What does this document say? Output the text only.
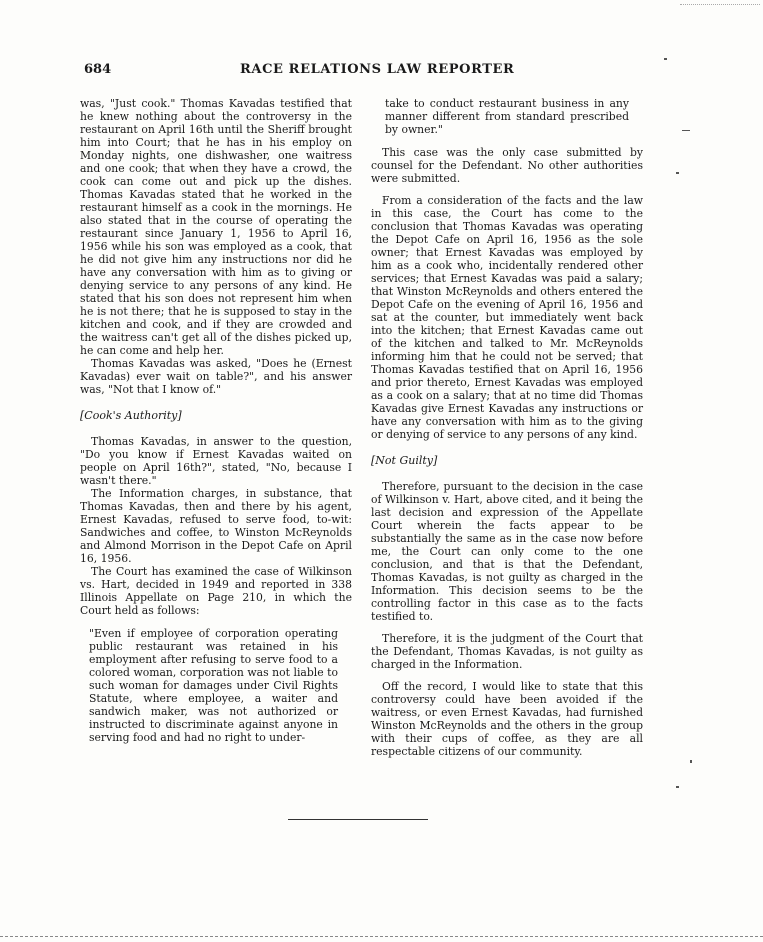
684	RACE RELATIONS LAW REPORTER

was, "Just cook." Thomas Kavadas testified that he knew nothing about the controversy in the restaurant on April 16th until the Sheriff brought him into Court; that he has in his employ on Monday nights, one dishwasher, one waitress and one cook; that when they have a crowd, the cook can come out and pick up the dishes. Thomas Kavadas stated that he worked in the restaurant himself as a cook in the mornings. He also stated that in the course of operating the restaurant since January 1, 1956 to April 16, 1956 while his son was employed as a cook, that he did not give him any instructions nor did he have any conversation with him as to giving or denying service to any persons of any kind. He stated that his son does not represent him when he is not there; that he is supposed to stay in the kitchen and cook, and if they are crowded and the waitress can't get all of the dishes picked up, he can come and help her.

Thomas Kavadas was asked, "Does he (Ernest Kavadas) ever wait on table?", and his answer was, "Not that I know of."

[Cook's Authority]

Thomas Kavadas, in answer to the question, "Do you know if Ernest Kavadas waited on people on April 16th?", stated, "No, because I wasn't there."

The Information charges, in substance, that Thomas Kavadas, then and there by his agent, Ernest Kavadas, refused to serve food, to-wit: Sandwiches and coffee, to Winston McReynolds and Almond Morrison in the Depot Cafe on April 16, 1956.

The Court has examined the case of Wilkinson vs. Hart, decided in 1949 and reported in 338 Illinois Appellate on Page 210, in which the Court held as follows:

"Even if employee of corporation operating public restaurant was retained in his employment after refusing to serve food to a colored woman, corporation was not liable to such woman for damages under Civil Rights Statute, where employee, a waiter and sandwich maker, was not authorized or instructed to discriminate against anyone in serving food and had no right to under-

take to conduct restaurant business in any manner different from standard prescribed by owner."

This case was the only case submitted by counsel for the Defendant. No other authorities were submitted.

From a consideration of the facts and the law in this case, the Court has come to the conclusion that Thomas Kavadas was operating the Depot Cafe on April 16, 1956 as the sole owner; that Ernest Kavadas was employed by him as a cook who, incidentally rendered other services; that Ernest Kavadas was paid a salary; that Winston McReynolds and others entered the Depot Cafe on the evening of April 16, 1956 and sat at the counter, but immediately went back into the kitchen; that Ernest Kavadas came out of the kitchen and talked to Mr. McReynolds informing him that he could not be served; that Thomas Kavadas testified that on April 16, 1956 and prior thereto, Ernest Kavadas was employed as a cook on a salary; that at no time did Thomas Kavadas give Ernest Kavadas any instructions or have any conversation with him as to the giving or denying of service to any persons of any kind.

[Not Guilty]

Therefore, pursuant to the decision in the case of Wilkinson v. Hart, above cited, and it being the last decision and expression of the Appellate Court wherein the facts appear to be substantially the same as in the case now before me, the Court can only come to the one conclusion, and that is that the Defendant, Thomas Kavadas, is not guilty as charged in the Information. This decision seems to be the controlling factor in this case as to the facts testified to.

Therefore, it is the judgment of the Court that the Defendant, Thomas Kavadas, is not guilty as charged in the Information.

Off the record, I would like to state that this controversy could have been avoided if the waitress, or even Ernest Kavadas, had furnished Winston McReynolds and the others in the group with their cups of coffee, as they are all respectable citizens of our community.
